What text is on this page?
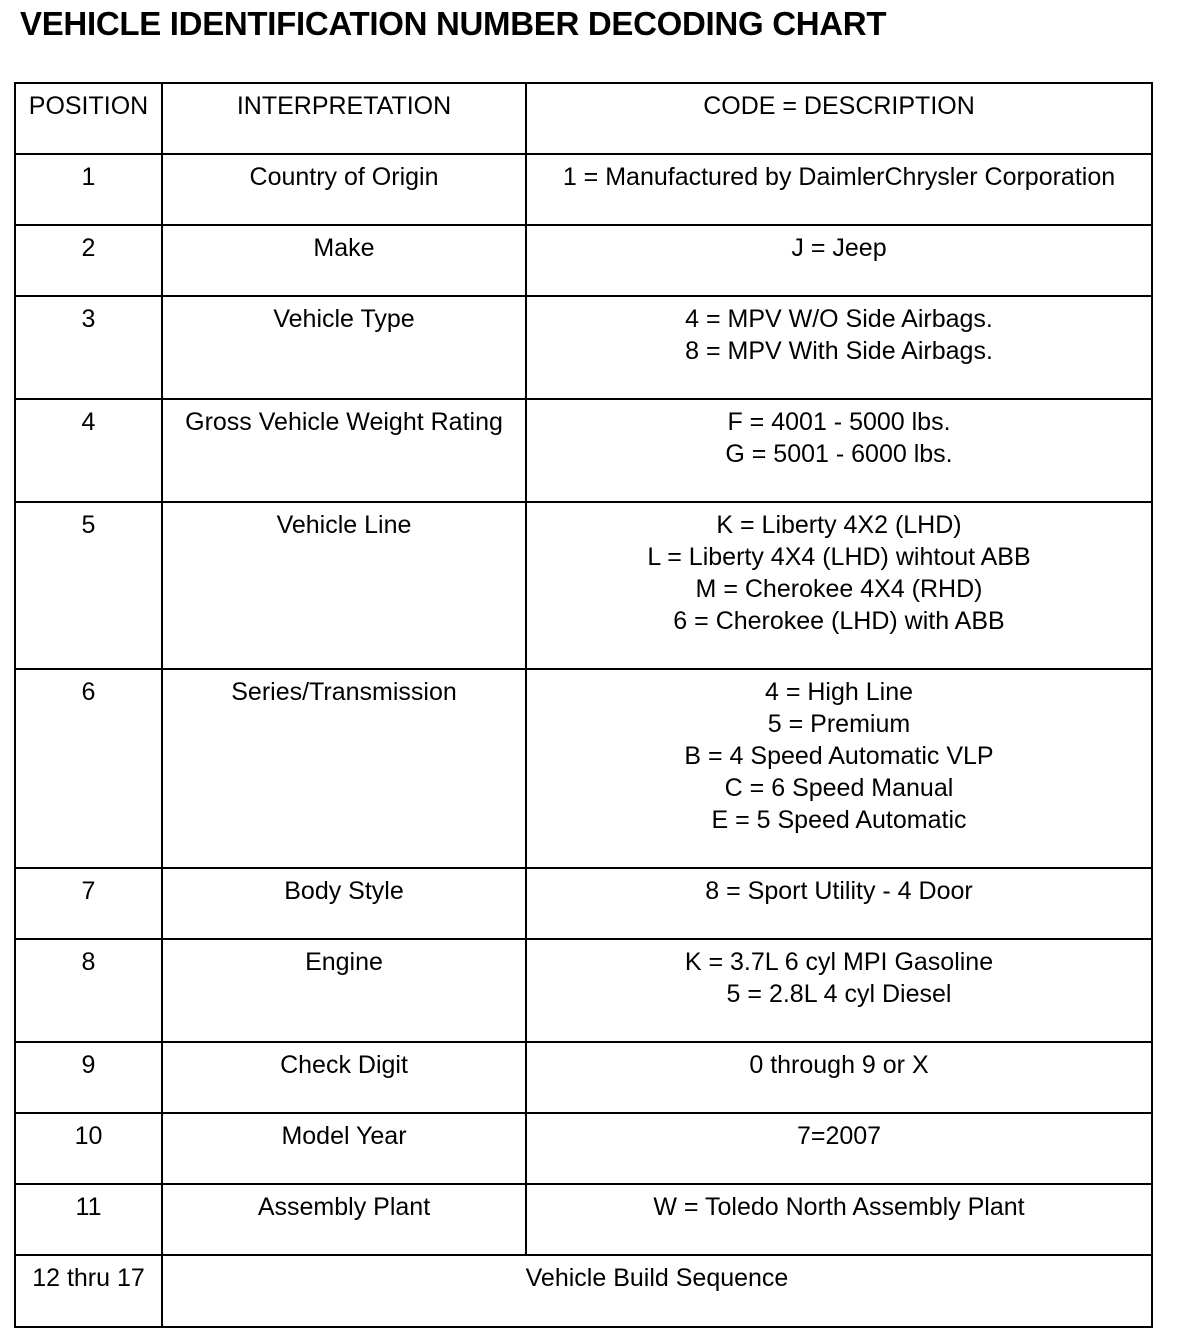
VEHICLE IDENTIFICATION NUMBER DECODING CHART
POSITION	INTERPRETATION	CODE = DESCRIPTION
1	Country of Origin	1 = Manufactured by DaimlerChrysler Corporation

2	Make	J = Jeep

3	Vehicle Type	4 = MPV W/O Side Airbags.
8 = MPV With Side Airbags.

4	Gross Vehicle Weight Rating	F = 4001 - 5000 lbs.
G = 5001 - 6000 lbs.

5	Vehicle Line	K = Liberty 4X2 (LHD)
L = Liberty 4X4 (LHD) wihtout ABB
M = Cherokee 4X4 (RHD)
6 = Cherokee (LHD) with ABB

6	Series/Transmission	4 = High Line
5 = Premium
B = 4 Speed Automatic VLP
C = 6 Speed Manual
E = 5 Speed Automatic

7	Body Style	8 = Sport Utility - 4 Door

8	Engine	K = 3.7L 6 cyl MPI Gasoline
5 = 2.8L 4 cyl Diesel

9	Check Digit	0 through 9 or X

10	Model Year	7=2007

11	Assembly Plant	W = Toledo North Assembly Plant

12 thru 17	Vehicle Build Sequence	
